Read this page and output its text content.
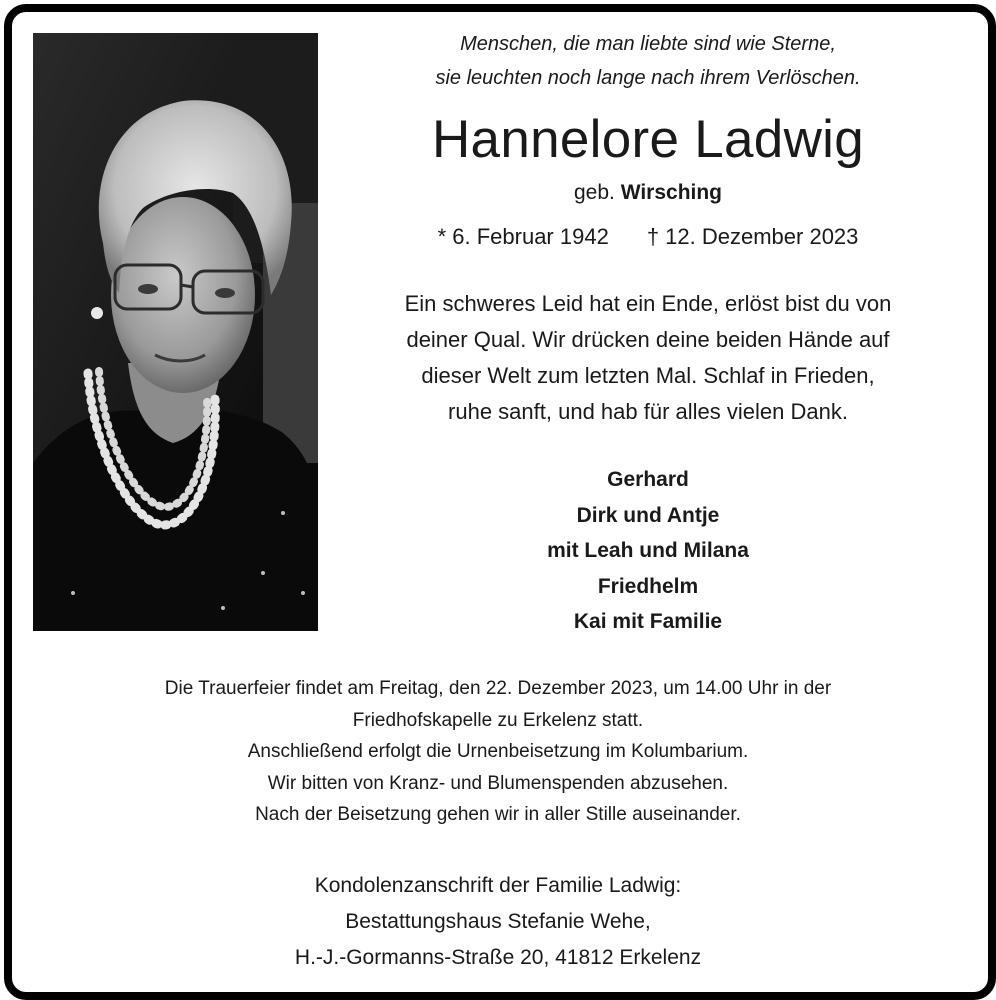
Menschen, die man liebte sind wie Sterne,
sie leuchten noch lange nach ihrem Verlöschen.
Hannelore Ladwig
geb. Wirsching
* 6. Februar 1942 † 12. Dezember 2023
Ein schweres Leid hat ein Ende, erlöst bist du von
deiner Qual. Wir drücken deine beiden Hände auf
dieser Welt zum letzten Mal. Schlaf in Frieden,
ruhe sanft, und hab für alles vielen Dank.
Gerhard
Dirk und Antje
mit Leah und Milana
Friedhelm
Kai mit Familie
Die Trauerfeier findet am Freitag, den 22. Dezember 2023, um 14.00 Uhr in der
Friedhofskapelle zu Erkelenz statt.
Anschließend erfolgt die Urnenbeisetzung im Kolumbarium.
Wir bitten von Kranz- und Blumenspenden abzusehen.
Nach der Beisetzung gehen wir in aller Stille auseinander.
Kondolenzanschrift der Familie Ladwig:
Bestattungshaus Stefanie Wehe,
H.-J.-Gormanns-Straße 20, 41812 Erkelenz
